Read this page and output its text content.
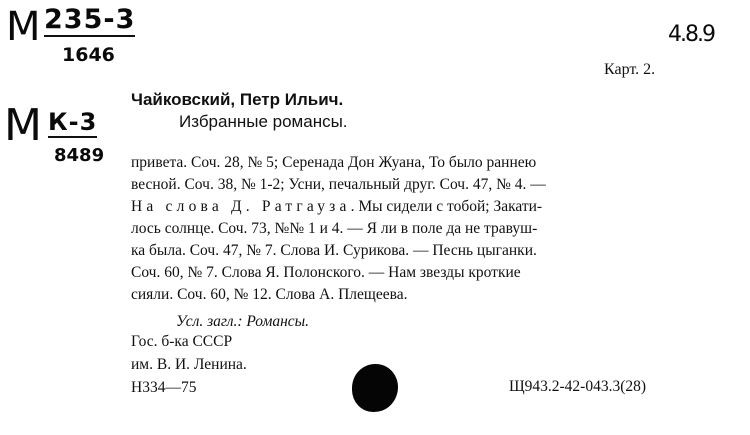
М 235-3
1646
М К-3
8489
4.8.9
Карт. 2.
Чайковский, Петр Ильич.
Избранные романсы.
привета. Соч. 28, № 5; Серенада Дон Жуана, То было раннею
весной. Соч. 38, № 1-2; Усни, печальный друг. Соч. 47, № 4. —
На слова Д. Ратгауза. Мы сидели с тобой; Закати-
лось солнце. Соч. 73, №№ 1 и 4. — Я ли в поле да не травуш-
ка была. Соч. 47, № 7. Слова И. Сурикова. — Песнь цыганки.
Соч. 60, № 7. Слова Я. Полонского. — Нам звезды кроткие
сияли. Соч. 60, № 12. Слова А. Плещеева.
Усл. загл.: Романсы.
Гос. б-ка СССР
им. В. И. Ленина.
Н334—75	Щ943.2-42-043.3(28)
